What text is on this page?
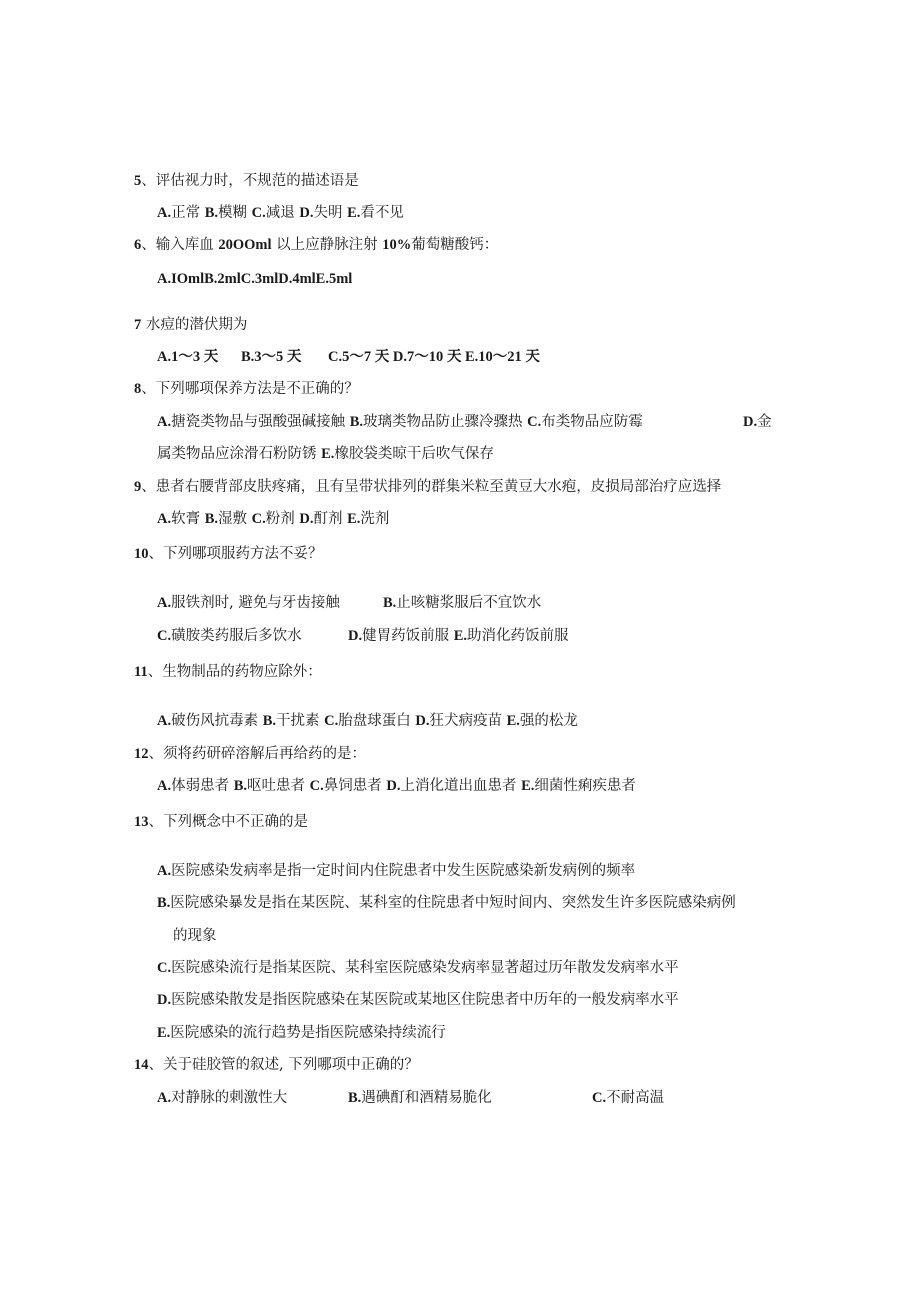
5、评估视力时，不规范的描述语是
A.正常 B.模糊 C.减退 D.失明 E.看不见
6、输入库血 20OOml 以上应静脉注射 10%葡萄糖酸钙：
A.IOmlB.2mlC.3mlD.4mlE.5ml
7 水痘的潜伏期为
A.1～3 天 B.3～5 天 C.5～7 天 D.7～10 天 E.10～21 天
8、下列哪项保养方法是不正确的？
A.搪瓷类物品与强酸强碱接触 B.玻璃类物品防止骤冷骤热 C.布类物品应防霉	D.金
属类物品应涂滑石粉防锈 E.橡胶袋类晾干后吹气保存
9、患者右腰背部皮肤疼痛，且有呈带状排列的群集米粒至黄豆大水疱，皮损局部治疗应选择
A.软膏 B.湿敷 C.粉剂 D.酊剂 E.洗剂
10、下列哪项服药方法不妥？
A.服铁剂时, 避免与牙齿接触	B.止咳糖浆服后不宜饮水
C.磺胺类药服后多饮水	D.健胃药饭前服 E.助消化药饭前服
11、生物制品的药物应除外：
A.破伤风抗毒素 B.干扰素 C.胎盘球蛋白 D.狂犬病疫苗 E.强的松龙
12、须将药研碎溶解后再给药的是：
A.体弱患者 B.呕吐患者 C.鼻饲患者 D.上消化道出血患者 E.细菌性痢疾患者
13、下列概念中不正确的是
A.医院感染发病率是指一定时间内住院患者中发生医院感染新发病例的频率
B.医院感染暴发是指在某医院、某科室的住院患者中短时间内、突然发生许多医院感染病例
的现象
C.医院感染流行是指某医院、某科室医院感染发病率显著超过历年散发发病率水平
D.医院感染散发是指医院感染在某医院或某地区住院患者中历年的一般发病率水平
E.医院感染的流行趋势是指医院感染持续流行
14、关于硅胶管的叙述, 下列哪项中正确的？
A.对静脉的刺激性大	B.遇碘酊和酒精易脆化	C.不耐高温
